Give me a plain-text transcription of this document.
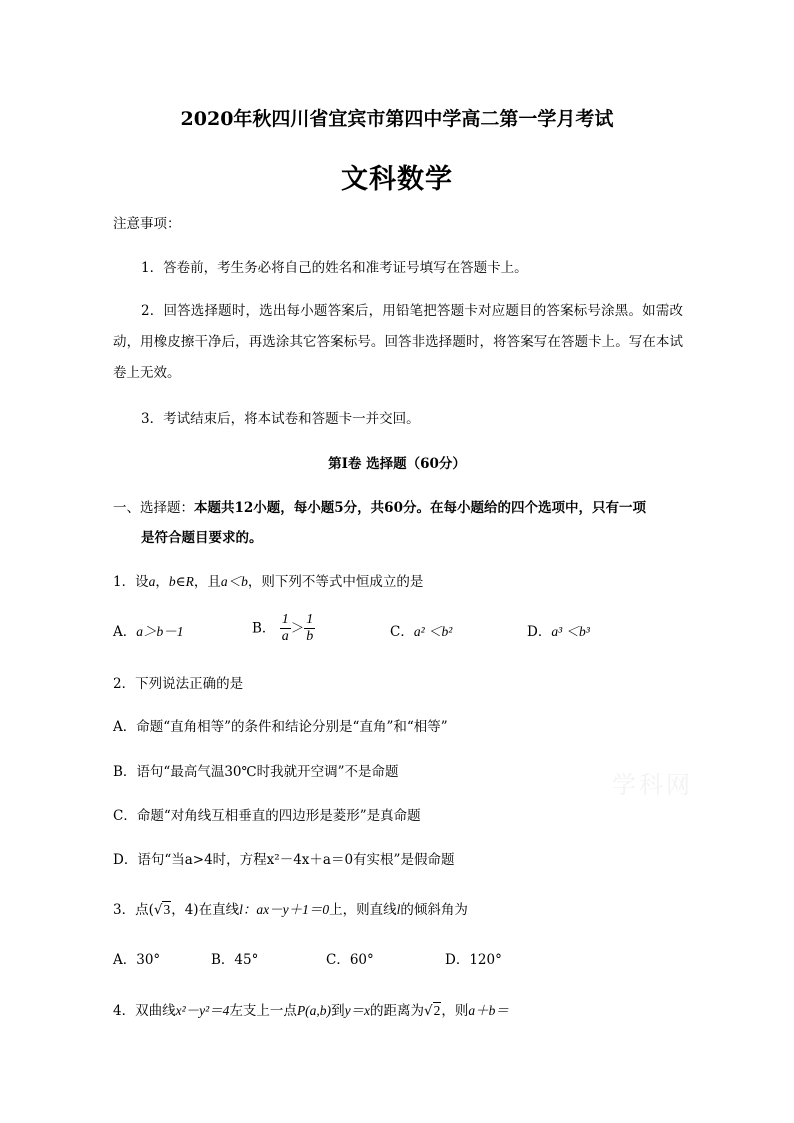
2020年秋四川省宜宾市第四中学高二第一学月考试
文科数学
注意事项：
1．答卷前，考生务必将自己的姓名和准考证号填写在答题卡上。
2．回答选择题时，选出每小题答案后，用铅笔把答题卡对应题目的答案标号涂黑。如需改动，用橡皮擦干净后，再选涂其它答案标号。回答非选择题时，将答案写在答题卡上。写在本试卷上无效。
3．考试结束后，将本试卷和答题卡一并交回。
第Ⅰ卷 选择题（60分）
一、选择题：本题共12小题，每小题5分，共60分。在每小题给的四个选项中，只有一项
是符合题目要求的。
1．设a，b∈R，且a＜b，则下列不等式中恒成立的是
A．a＞b－1	B． $\frac{1}{a} > \frac{1}{b}$	C．a² ＜b²	D．a³ ＜b³
2．下列说法正确的是
A．命题“直角相等”的条件和结论分别是“直角”和“相等”
B．语句“最高气温30℃时我就开空调”不是命题
C．命题“对角线互相垂直的四边形是菱形”是真命题
D．语句“当a>4时，方程x²－4x＋a＝0有实根”是假命题
3．点(√3，4)在直线l：ax－y＋1＝0上，则直线l的倾斜角为
A．30°	B．45°	C．60°	D．120°
4．双曲线x²－y²＝4左支上一点P(a,b)到y＝x的距离为√2，则a＋b＝
学科网
